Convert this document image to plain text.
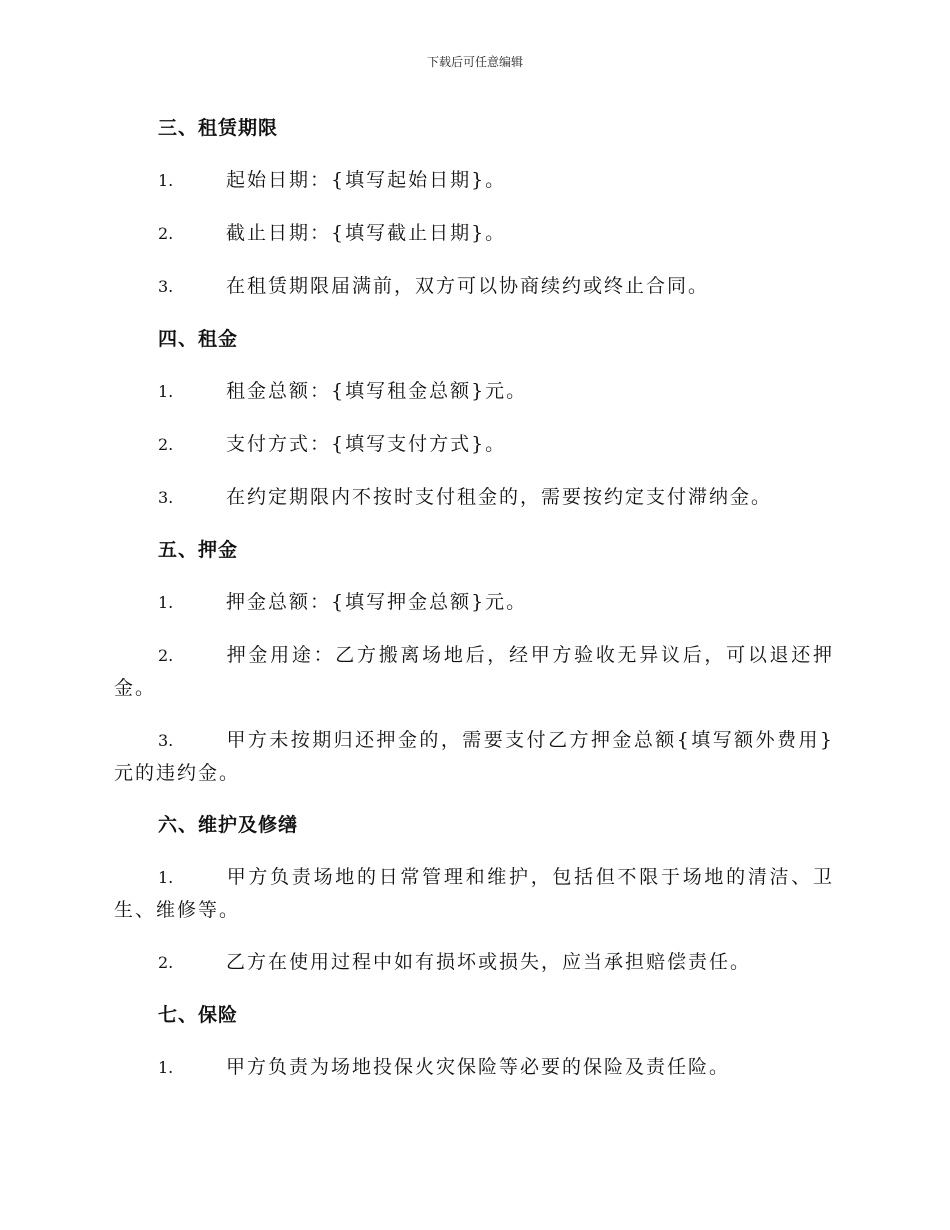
下载后可任意编辑
三、租赁期限
1.	起始日期：{填写起始日期}。
2.	截止日期：{填写截止日期}。
3.	在租赁期限届满前，双方可以协商续约或终止合同。
四、租金
1.	租金总额：{填写租金总额}元。
2.	支付方式：{填写支付方式}。
3.	在约定期限内不按时支付租金的，需要按约定支付滞纳金。
五、押金
1.	押金总额：{填写押金总额}元。
2.	押金用途：乙方搬离场地后，经甲方验收无异议后，可以退还押金。
3.	甲方未按期归还押金的，需要支付乙方押金总额{填写额外费用}元的违约金。
六、维护及修缮
1.	甲方负责场地的日常管理和维护，包括但不限于场地的清洁、卫生、维修等。
2.	乙方在使用过程中如有损坏或损失，应当承担赔偿责任。
七、保险
1.	甲方负责为场地投保火灾保险等必要的保险及责任险。
